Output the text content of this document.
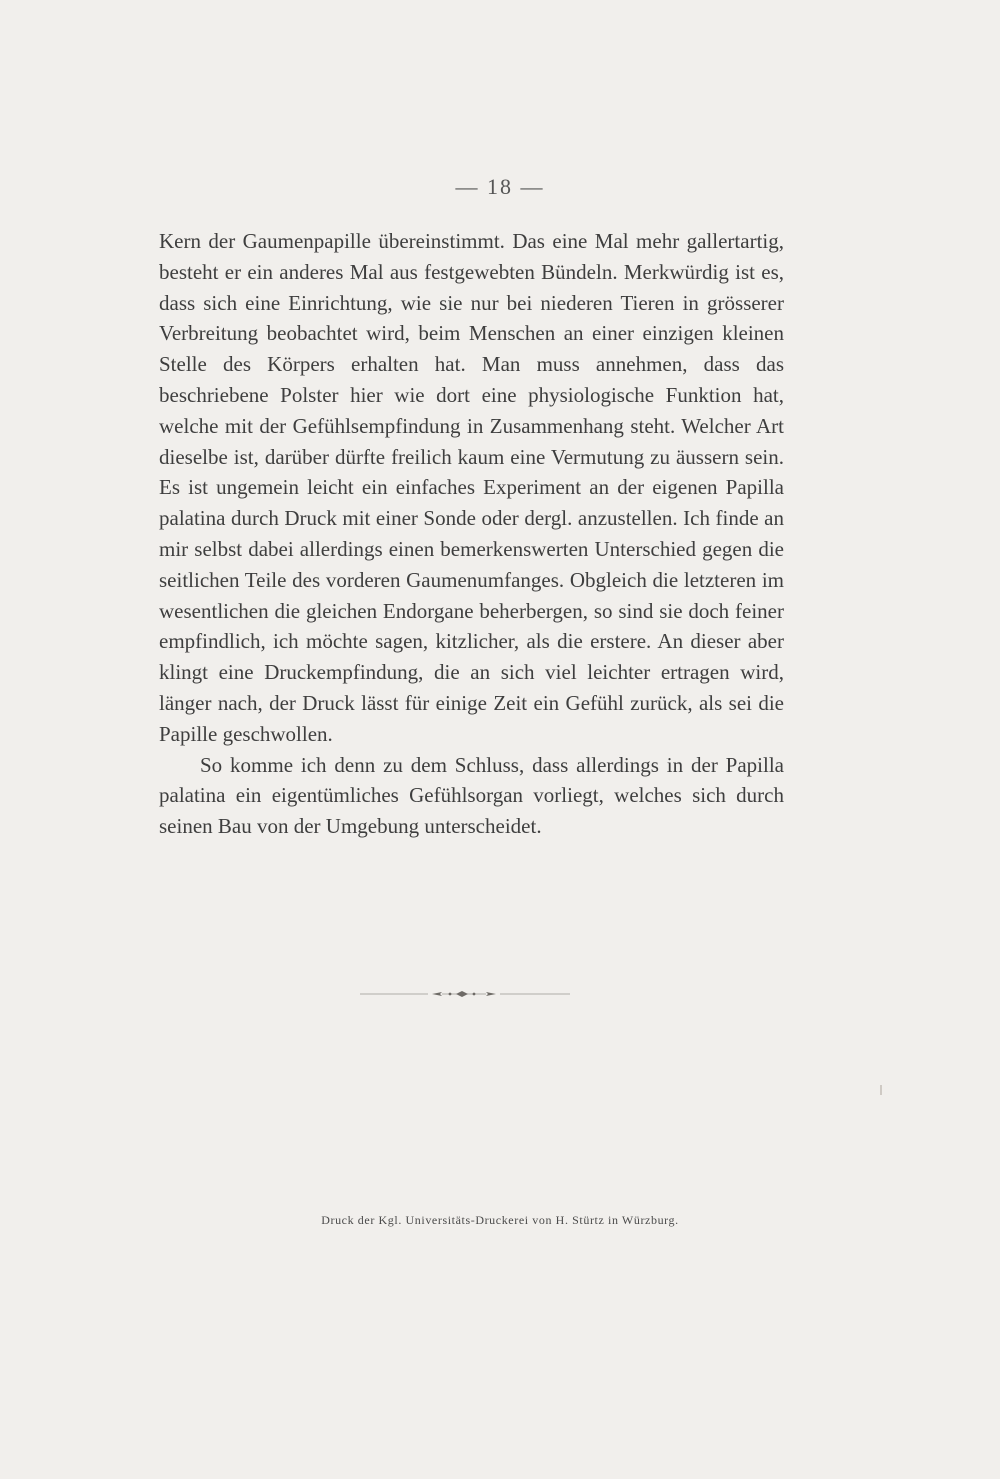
— 18 —

Kern der Gaumenpapille übereinstimmt. Das eine Mal mehr gallertartig, besteht er ein anderes Mal aus festgewebten Bündeln. Merkwürdig ist es, dass sich eine Einrichtung, wie sie nur bei niederen Tieren in grösserer Verbreitung beobachtet wird, beim Menschen an einer einzigen kleinen Stelle des Körpers erhalten hat. Man muss annehmen, dass das beschriebene Polster hier wie dort eine physiologische Funktion hat, welche mit der Gefühlsempfindung in Zusammenhang steht. Welcher Art dieselbe ist, darüber dürfte freilich kaum eine Vermutung zu äussern sein. Es ist ungemein leicht ein einfaches Experiment an der eigenen Papilla palatina durch Druck mit einer Sonde oder dergl. anzustellen. Ich finde an mir selbst dabei allerdings einen bemerkenswerten Unterschied gegen die seitlichen Teile des vorderen Gaumenumfanges. Obgleich die letzteren im wesentlichen die gleichen Endorgane beherbergen, so sind sie doch feiner empfindlich, ich möchte sagen, kitzlicher, als die erstere. An dieser aber klingt eine Druckempfindung, die an sich viel leichter ertragen wird, länger nach, der Druck lässt für einige Zeit ein Gefühl zurück, als sei die Papille geschwollen.

So komme ich denn zu dem Schluss, dass allerdings in der Papilla palatina ein eigentümliches Gefühlsorgan vorliegt, welches sich durch seinen Bau von der Umgebung unterscheidet.

Druck der Kgl. Universitäts-Druckerei von H. Stürtz in Würzburg.
